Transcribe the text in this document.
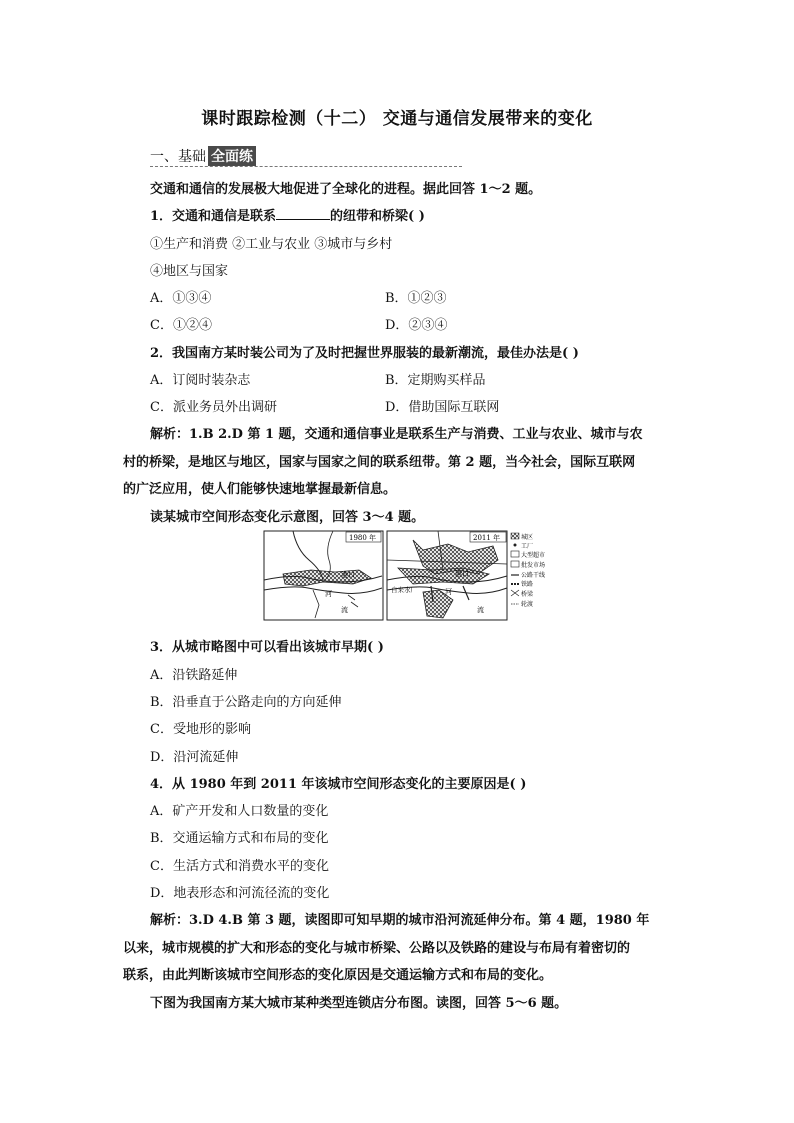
课时跟踪检测（十二） 交通与通信发展带来的变化
一、基础 全面练
交通和通信的发展极大地促进了全球化的进程。据此回答 1～2 题。
1．交通和通信是联系	的纽带和桥梁( )
①生产和消费 ②工业与农业 ③城市与乡村
④地区与国家
A．①③④	B．①②③
C．①②④	D．②③④
2．我国南方某时装公司为了及时把握世界服装的最新潮流，最佳办法是( )
A．订阅时装杂志	B．定期购买样品
C．派业务员外出调研	D．借助国际互联网
解析：1.B 2.D 第 1 题，交通和通信事业是联系生产与消费、工业与农业、城市与农
村的桥梁，是地区与地区，国家与国家之间的联系纽带。第 2 题，当今社会，国际互联网
的广泛应用，使人们能够快速地掌握最新信息。
读某城市空间形态变化示意图，回答 3～4 题。
1980 年
港口
河
流
2011 年
港口
河
流
自来水厂
城区
工厂
大型超市
批发市场
公路干线
铁路
桥梁
轮渡
3．从城市略图中可以看出该城市早期( )
A．沿铁路延伸
B．沿垂直于公路走向的方向延伸
C．受地形的影响
D．沿河流延伸
4．从 1980 年到 2011 年该城市空间形态变化的主要原因是( )
A．矿产开发和人口数量的变化
B．交通运输方式和布局的变化
C．生活方式和消费水平的变化
D．地表形态和河流径流的变化
解析：3.D 4.B 第 3 题，读图即可知早期的城市沿河流延伸分布。第 4 题，1980 年
以来，城市规模的扩大和形态的变化与城市桥梁、公路以及铁路的建设与布局有着密切的
联系，由此判断该城市空间形态的变化原因是交通运输方式和布局的变化。
下图为我国南方某大城市某种类型连锁店分布图。读图，回答 5～6 题。
